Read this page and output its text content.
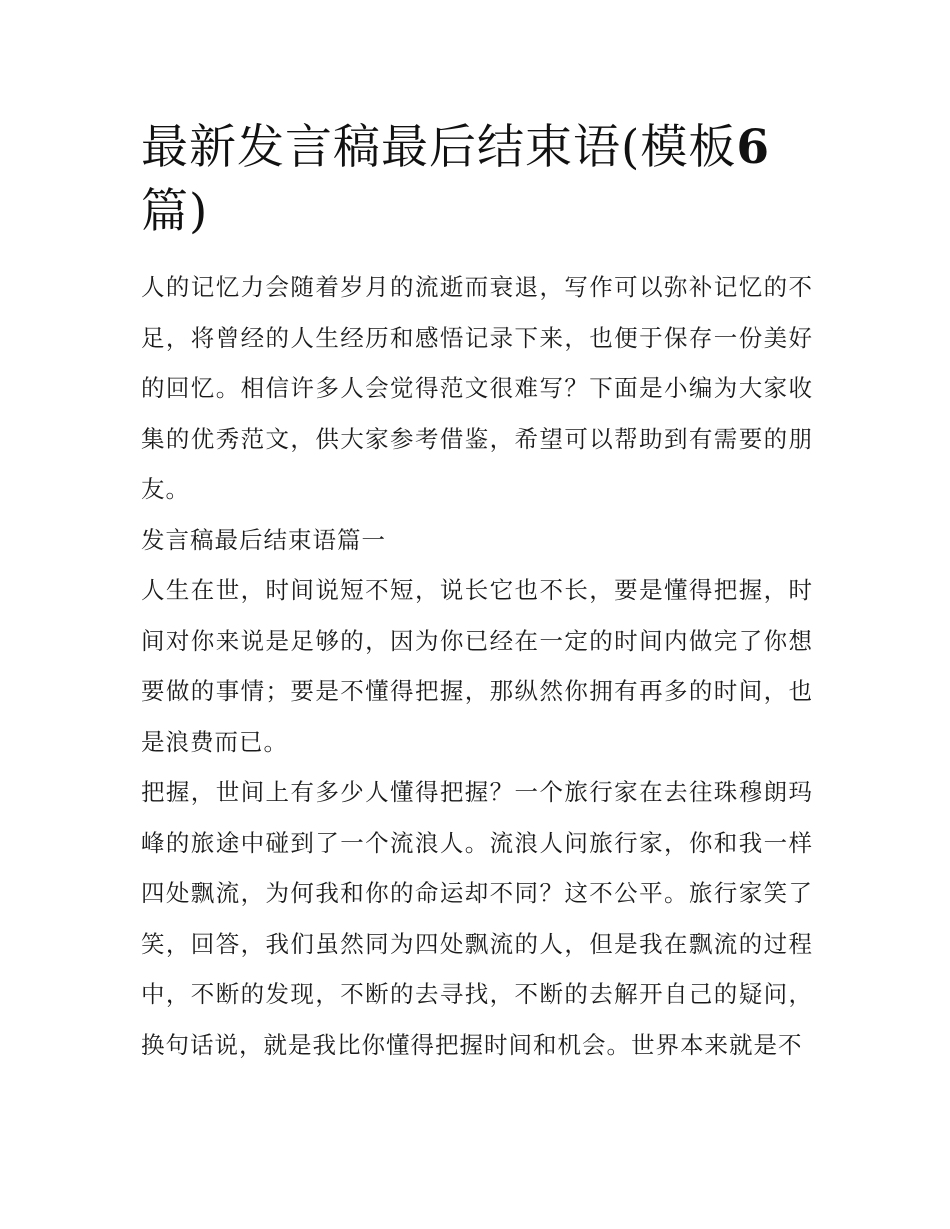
最新发言稿最后结束语(模板6
篇)

人的记忆力会随着岁月的流逝而衰退，写作可以弥补记忆的不足，将曾经的人生经历和感悟记录下来，也便于保存一份美好的回忆。相信许多人会觉得范文很难写？下面是小编为大家收集的优秀范文，供大家参考借鉴，希望可以帮助到有需要的朋友。

发言稿最后结束语篇一

人生在世，时间说短不短，说长它也不长，要是懂得把握，时间对你来说是足够的，因为你已经在一定的时间内做完了你想要做的事情；要是不懂得把握，那纵然你拥有再多的时间，也是浪费而已。

把握，世间上有多少人懂得把握？一个旅行家在去往珠穆朗玛峰的旅途中碰到了一个流浪人。流浪人问旅行家，你和我一样四处飘流，为何我和你的命运却不同？这不公平。旅行家笑了笑，回答，我们虽然同为四处飘流的人，但是我在飘流的过程中，不断的发现，不断的去寻找，不断的去解开自己的疑问，换句话说，就是我比你懂得把握时间和机会。世界本来就是不
